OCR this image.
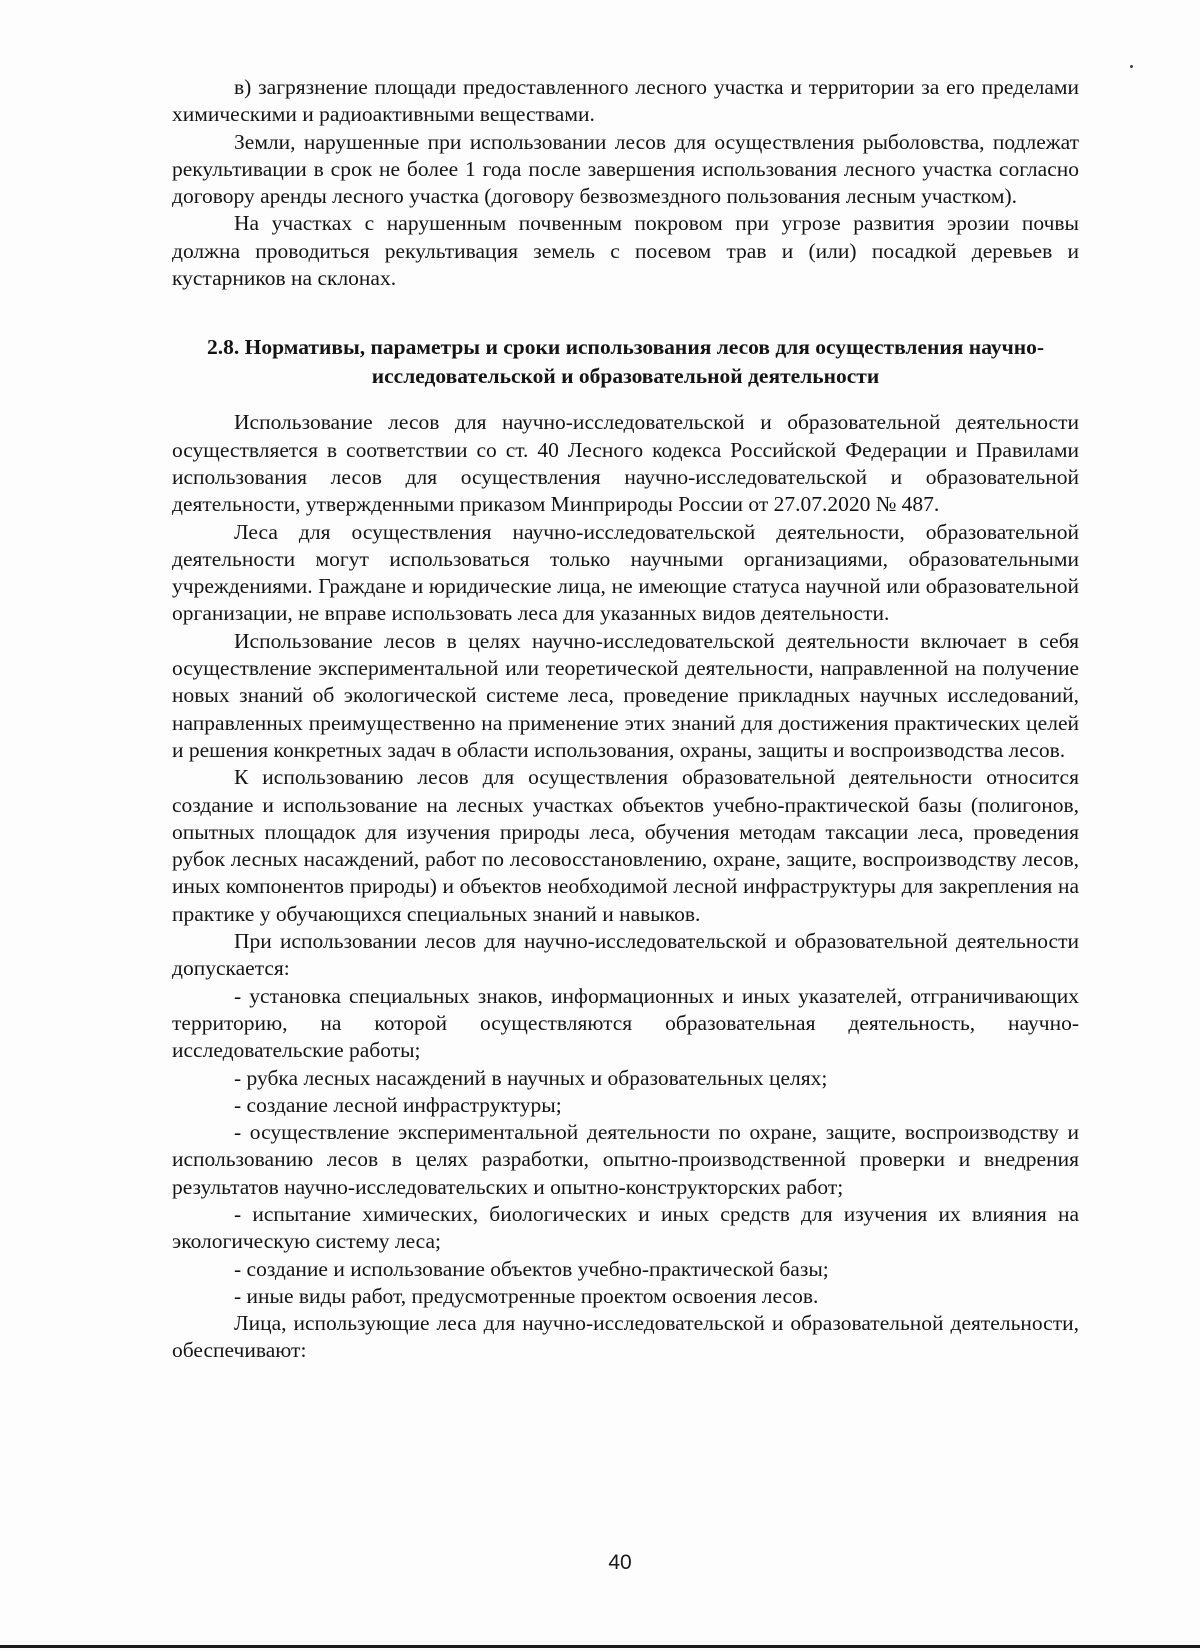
в) загрязнение площади предоставленного лесного участка и территории за его пределами химическими и радиоактивными веществами.

Земли, нарушенные при использовании лесов для осуществления рыболовства, подлежат рекультивации в срок не более 1 года после завершения использования лесного участка согласно договору аренды лесного участка (договору безвозмездного пользования лесным участком).

На участках с нарушенным почвенным покровом при угрозе развития эрозии почвы должна проводиться рекультивация земель с посевом трав и (или) посадкой деревьев и кустарников на склонах.

2.8. Нормативы, параметры и сроки использования лесов для осуществления научно-исследовательской и образовательной деятельности

Использование лесов для научно-исследовательской и образовательной деятельности осуществляется в соответствии со ст. 40 Лесного кодекса Российской Федерации и Правилами использования лесов для осуществления научно-исследовательской и образовательной деятельности, утвержденными приказом Минприроды России от 27.07.2020 № 487.

Леса для осуществления научно-исследовательской деятельности, образовательной деятельности могут использоваться только научными организациями, образовательными учреждениями. Граждане и юридические лица, не имеющие статуса научной или образовательной организации, не вправе использовать леса для указанных видов деятельности.

Использование лесов в целях научно-исследовательской деятельности включает в себя осуществление экспериментальной или теоретической деятельности, направленной на получение новых знаний об экологической системе леса, проведение прикладных научных исследований, направленных преимущественно на применение этих знаний для достижения практических целей и решения конкретных задач в области использования, охраны, защиты и воспроизводства лесов.

К использованию лесов для осуществления образовательной деятельности относится создание и использование на лесных участках объектов учебно-практической базы (полигонов, опытных площадок для изучения природы леса, обучения методам таксации леса, проведения рубок лесных насаждений, работ по лесовосстановлению, охране, защите, воспроизводству лесов, иных компонентов природы) и объектов необходимой лесной инфраструктуры для закрепления на практике у обучающихся специальных знаний и навыков.

При использовании лесов для научно-исследовательской и образовательной деятельности допускается:

- установка специальных знаков, информационных и иных указателей, отграничивающих территорию, на которой осуществляются образовательная деятельность, научно-исследовательские работы;

- рубка лесных насаждений в научных и образовательных целях;

- создание лесной инфраструктуры;

- осуществление экспериментальной деятельности по охране, защите, воспроизводству и использованию лесов в целях разработки, опытно-производственной проверки и внедрения результатов научно-исследовательских и опытно-конструкторских работ;

- испытание химических, биологических и иных средств для изучения их влияния на экологическую систему леса;

- создание и использование объектов учебно-практической базы;

- иные виды работ, предусмотренные проектом освоения лесов.

Лица, использующие леса для научно-исследовательской и образовательной деятельности, обеспечивают:

40
